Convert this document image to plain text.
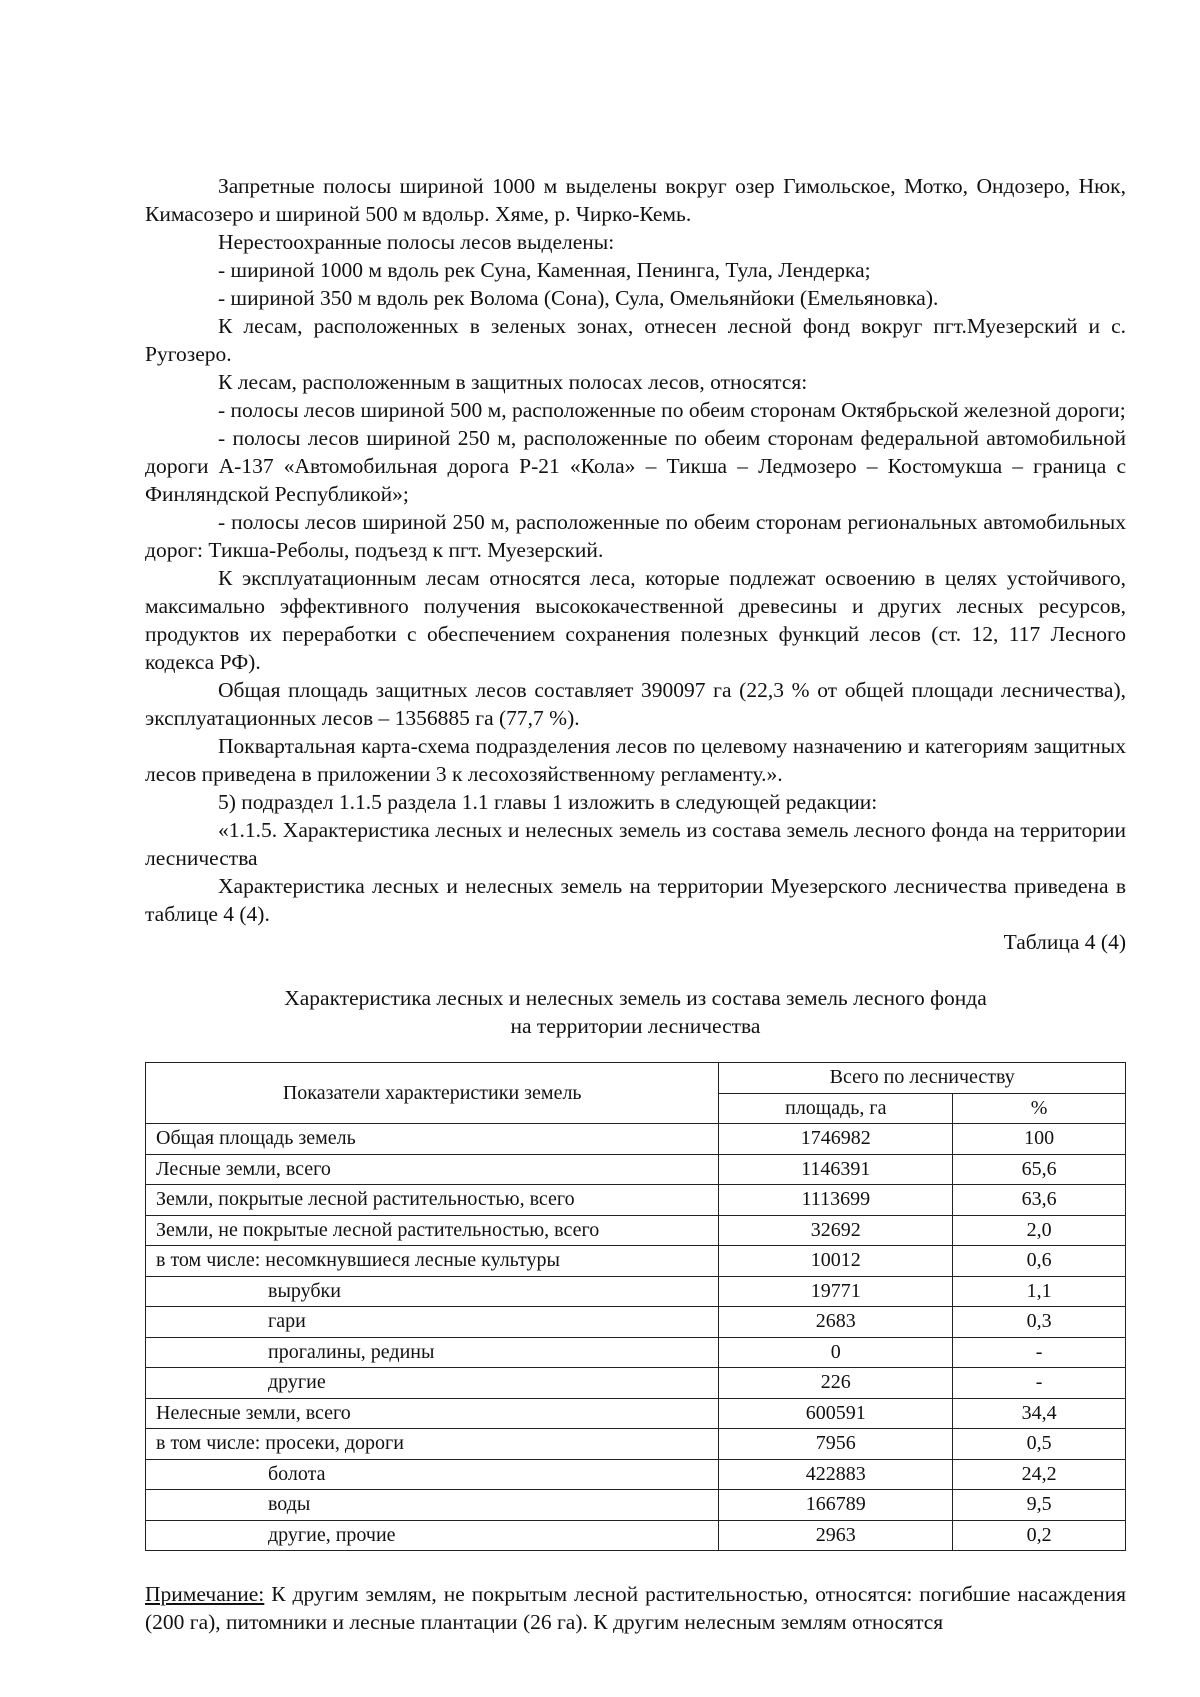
Запретные полосы шириной 1000 м выделены вокруг озер Гимольское, Мотко, Ондозеро, Нюк, Кимасозеро и шириной 500 м вдольр. Хяме, р. Чирко-Кемь.

Нерестоохранные полосы лесов выделены:

- шириной 1000 м вдоль рек Суна, Каменная, Пенинга, Тула, Лендерка;

- шириной 350 м вдоль рек Волома (Сона), Сула, Омельянйоки (Емельяновка).

К лесам, расположенных в зеленых зонах, отнесен лесной фонд вокруг пгт.Муезерский и с. Ругозеро.

К лесам, расположенным в защитных полосах лесов, относятся:

- полосы лесов шириной 500 м, расположенные по обеим сторонам Октябрьской железной дороги;

- полосы лесов шириной 250 м, расположенные по обеим сторонам федеральной автомобильной дороги А-137 «Автомобильная дорога Р-21 «Кола» – Тикша – Ледмозеро – Костомукша – граница с Финляндской Республикой»;

- полосы лесов шириной 250 м, расположенные по обеим сторонам региональных автомобильных дорог: Тикша-Реболы, подъезд к пгт. Муезерский.

К эксплуатационным лесам относятся леса, которые подлежат освоению в целях устойчивого, максимально эффективного получения высококачественной древесины и других лесных ресурсов, продуктов их переработки с обеспечением сохранения полезных функций лесов (ст. 12, 117 Лесного кодекса РФ).

Общая площадь защитных лесов составляет 390097 га (22,3 % от общей площади лесничества), эксплуатационных лесов – 1356885 га (77,7 %).

Поквартальная карта-схема подразделения лесов по целевому назначению и категориям защитных лесов приведена в приложении 3 к лесохозяйственному регламенту.».

5) подраздел 1.1.5 раздела 1.1 главы 1 изложить в следующей редакции:

«1.1.5. Характеристика лесных и нелесных земель из состава земель лесного фонда на территории лесничества

Характеристика лесных и нелесных земель на территории Муезерского лесничества приведена в таблице 4 (4).

Таблица 4 (4)

Характеристика лесных и нелесных земель из состава земель лесного фонда
на территории лесничества
Показатели характеристики земель	Всего по лесничеству	
	площадь, га	%
Общая площадь земель	1746982	100
Лесные земли, всего	1146391	65,6
Земли, покрытые лесной растительностью, всего	1113699	63,6
Земли, не покрытые лесной растительностью, всего	32692	2,0
в том числе: несомкнувшиеся лесные культуры	10012	0,6
вырубки	19771	1,1
гари	2683	0,3
прогалины, редины	0	-
другие	226	-
Нелесные земли, всего	600591	34,4
в том числе: просеки, дороги	7956	0,5
болота	422883	24,2
воды	166789	9,5
другие, прочие	2963	0,2

Примечание: К другим землям, не покрытым лесной растительностью, относятся: погибшие насаждения (200 га), питомники и лесные плантации (26 га). К другим нелесным землям относятся
